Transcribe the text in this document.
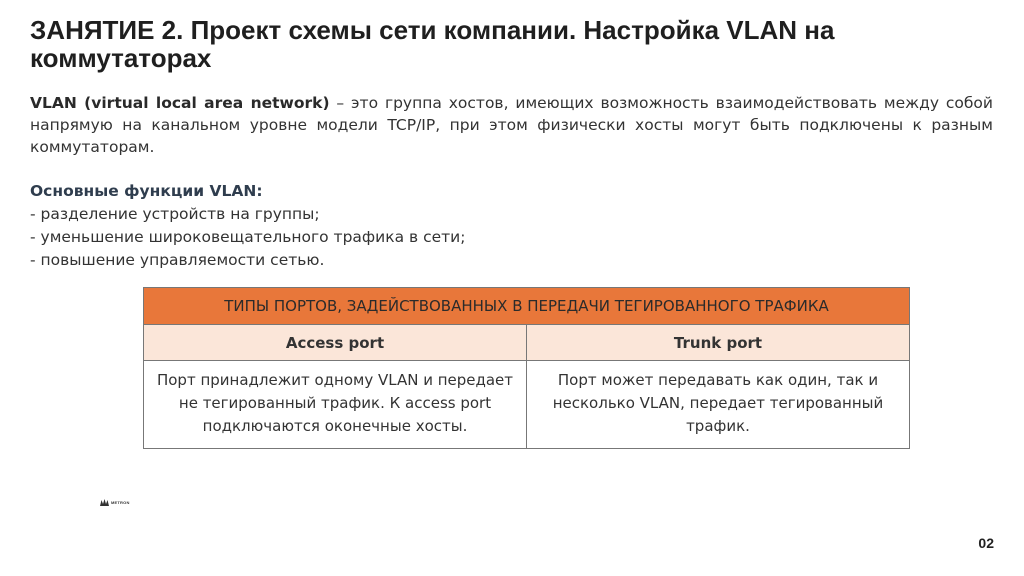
ЗАНЯТИЕ 2. Проект схемы сети компании. Настройка VLAN на коммутаторах

VLAN (virtual local area network) – это группа хостов, имеющих возможность взаимодействовать между собой напрямую на канальном уровне модели TCP/IP, при этом физически хосты могут быть подключены к разным коммутаторам.

Основные функции VLAN:
- разделение устройств на группы;
- уменьшение широковещательного трафика в сети;
- повышение управляемости сетью.
ТИПЫ ПОРТОВ, ЗАДЕЙСТВОВАННЫХ В ПЕРЕДАЧИ ТЕГИРОВАННОГО ТРАФИКА	
Access port	Trunk port
Порт принадлежит одному VLAN и передает не тегированный трафик. К access port подключаются оконечные хосты.	Порт может передавать как один, так и несколько VLAN, передает тегированный трафик.
METRON
02
